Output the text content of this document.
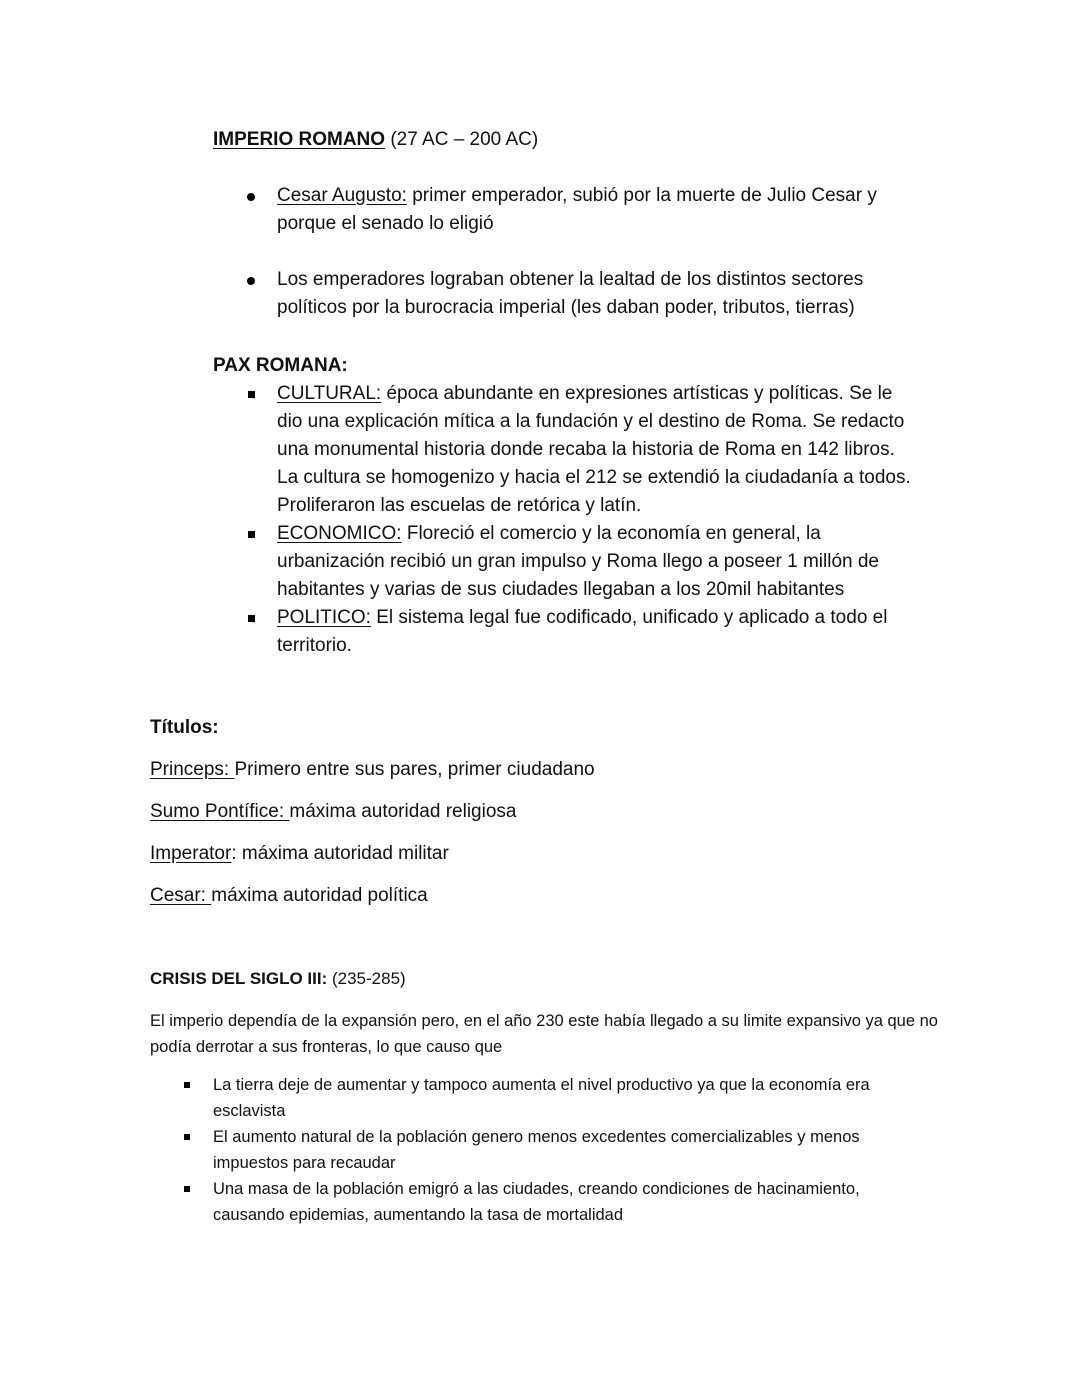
IMPERIO ROMANO (27 AC – 200 AC)
Cesar Augusto: primer emperador, subió por la muerte de Julio Cesar y porque el senado lo eligió
Los emperadores lograban obtener la lealtad de los distintos sectores políticos por la burocracia imperial (les daban poder, tributos, tierras)
PAX ROMANA:
CULTURAL: época abundante en expresiones artísticas y políticas. Se le dio una explicación mítica a la fundación y el destino de Roma. Se redacto una monumental historia donde recaba la historia de Roma en 142 libros. La cultura se homogenizo y hacia el 212 se extendió la ciudadanía a todos. Proliferaron las escuelas de retórica y latín.
ECONOMICO: Floreció el comercio y la economía en general, la urbanización recibió un gran impulso y Roma llego a poseer 1 millón de habitantes y varias de sus ciudades llegaban a los 20mil habitantes
POLITICO: El sistema legal fue codificado, unificado y aplicado a todo el territorio.
Títulos:
Princeps: Primero entre sus pares, primer ciudadano
Sumo Pontífice: máxima autoridad religiosa
Imperator: máxima autoridad militar
Cesar: máxima autoridad política
CRISIS DEL SIGLO III: (235-285)
El imperio dependía de la expansión pero, en el año 230 este había llegado a su limite expansivo ya que no podía derrotar a sus fronteras, lo que causo que
La tierra deje de aumentar y tampoco aumenta el nivel productivo ya que la economía era esclavista
El aumento natural de la población genero menos excedentes comercializables y menos impuestos para recaudar
Una masa de la población emigró a las ciudades, creando condiciones de hacinamiento, causando epidemias, aumentando la tasa de mortalidad
